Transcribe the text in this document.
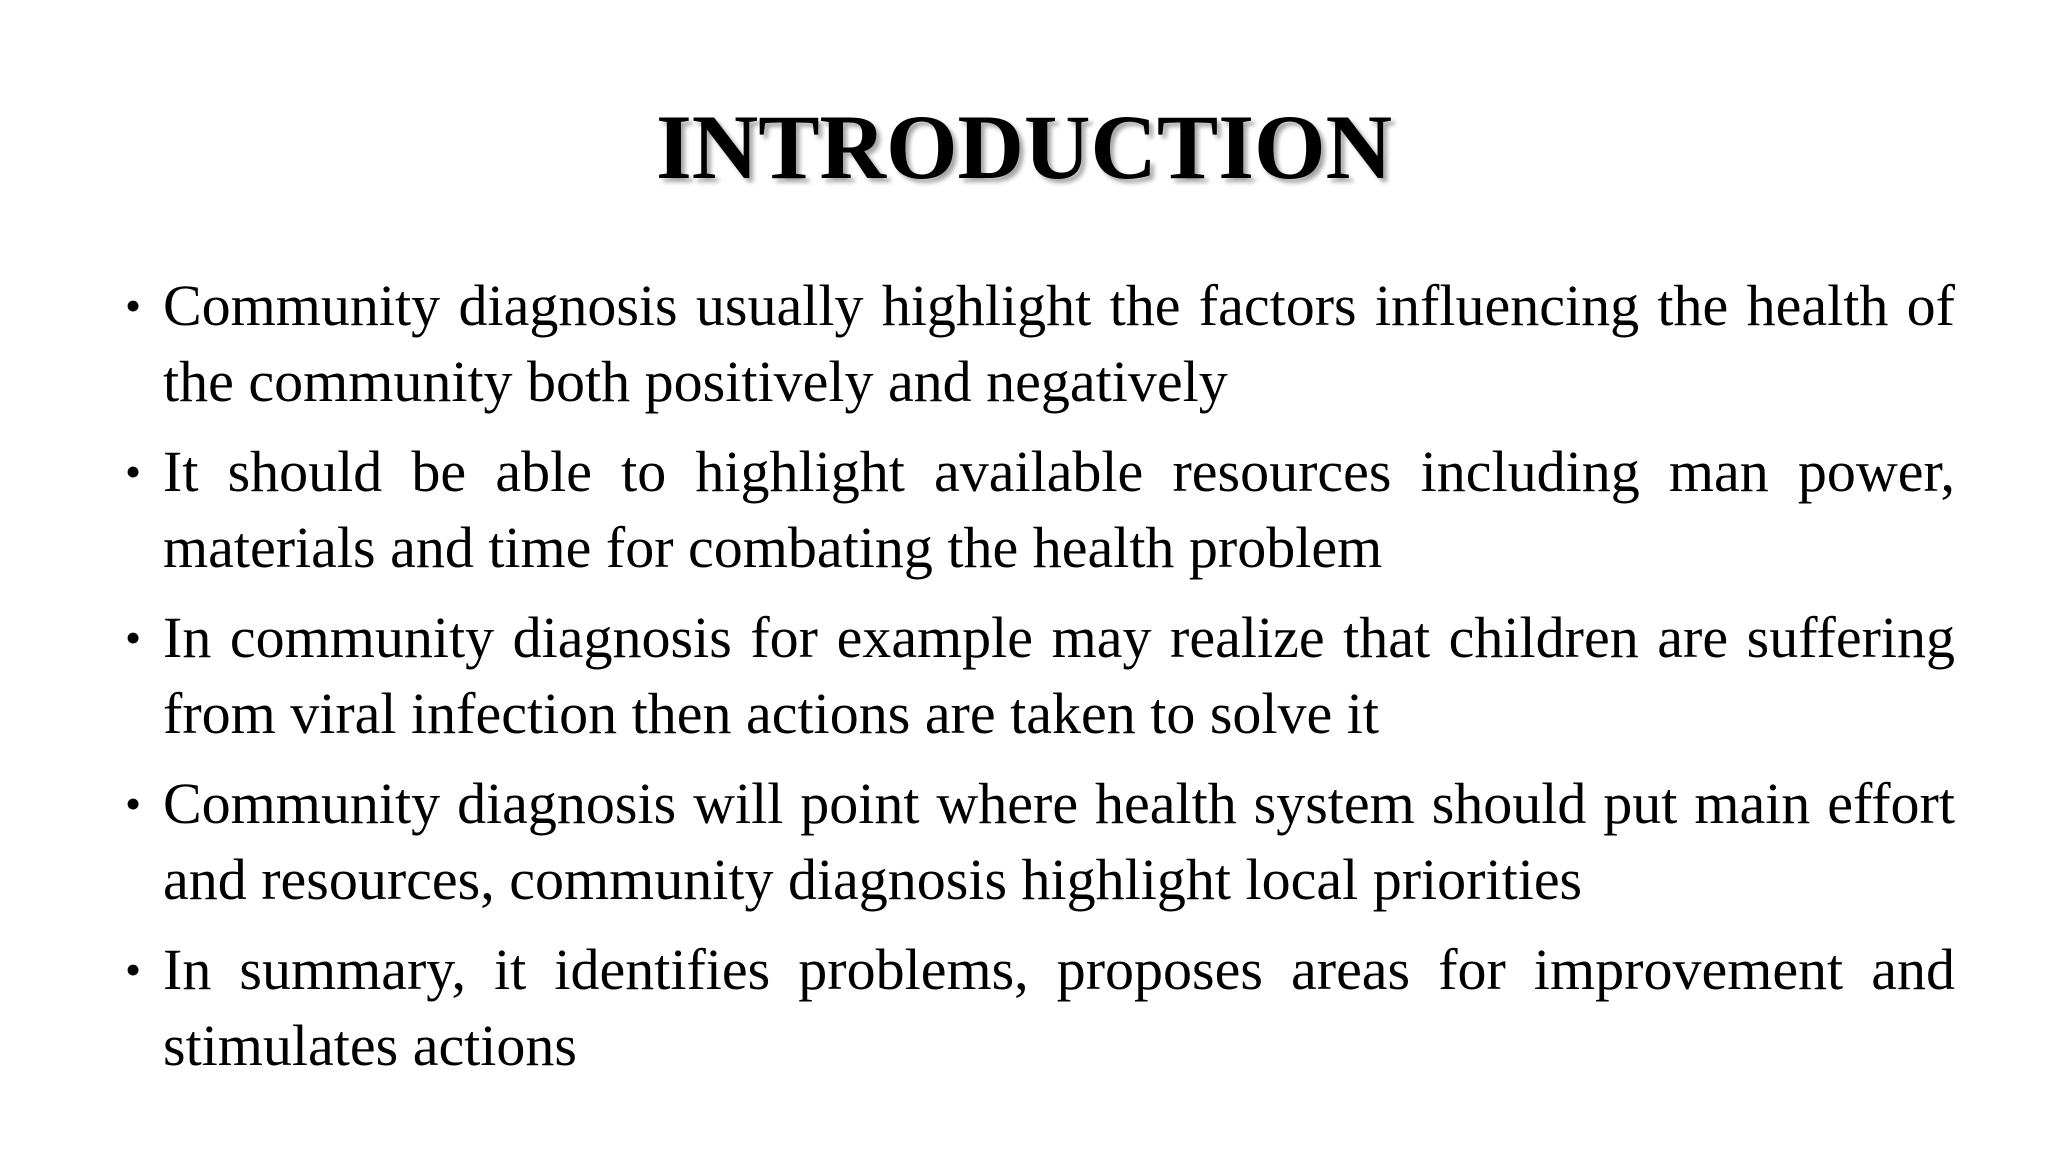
INTRODUCTION
• Community diagnosis usually highlight the factors influencing the health of the community both positively and negatively
• It should be able to highlight available resources including man power, materials and time for combating the health problem
• In community diagnosis for example may realize that children are suffering from viral infection then actions are taken to solve it
• Community diagnosis will point where health system should put main effort and resources, community diagnosis highlight local priorities
• In summary, it identifies problems, proposes areas for improvement and stimulates actions
